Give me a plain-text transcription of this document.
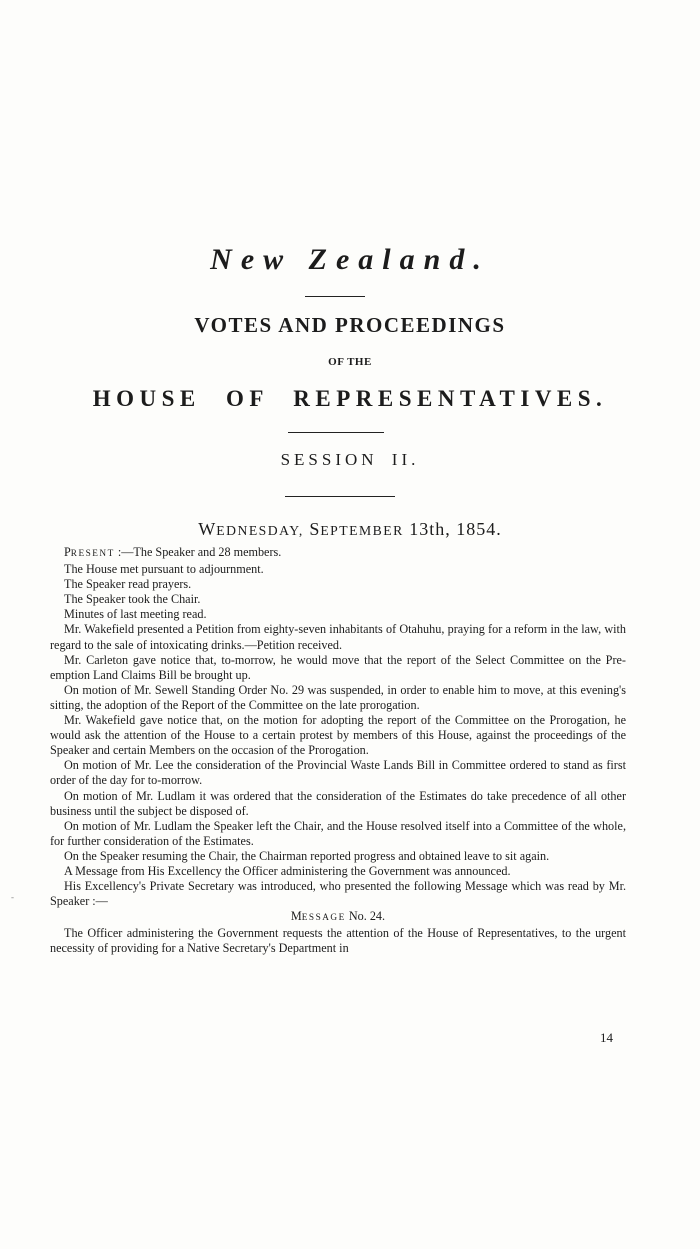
New Zealand.
VOTES AND PROCEEDINGS
OF THE
HOUSE OF REPRESENTATIVES.
SESSION II.
WEDNESDAY, SEPTEMBER 13th, 1854.

PRESENT :—The Speaker and 28 members.

The House met pursuant to adjournment.

The Speaker read prayers.

The Speaker took the Chair.

Minutes of last meeting read.

Mr. Wakefield presented a Petition from eighty-seven inhabitants of Otahuhu, praying for a reform in the law, with regard to the sale of intoxicating drinks.—Petition received.

Mr. Carleton gave notice that, to-morrow, he would move that the report of the Select Committee on the Pre-emption Land Claims Bill be brought up.

On motion of Mr. Sewell Standing Order No. 29 was suspended, in order to enable him to move, at this evening's sitting, the adoption of the Report of the Committee on the late prorogation.

Mr. Wakefield gave notice that, on the motion for adopting the report of the Committee on the Prorogation, he would ask the attention of the House to a certain protest by members of this House, against the proceedings of the Speaker and certain Members on the occasion of the Prorogation.

On motion of Mr. Lee the consideration of the Provincial Waste Lands Bill in Committee ordered to stand as first order of the day for to-morrow.

On motion of Mr. Ludlam it was ordered that the consideration of the Estimates do take precedence of all other business until the subject be disposed of.

On motion of Mr. Ludlam the Speaker left the Chair, and the House resolved itself into a Committee of the whole, for further consideration of the Estimates.

On the Speaker resuming the Chair, the Chairman reported progress and obtained leave to sit again.

A Message from His Excellency the Officer administering the Government was announced.

His Excellency's Private Secretary was introduced, who presented the following Message which was read by Mr. Speaker :—

MESSAGE No. 24.

The Officer administering the Government requests the attention of the House of Representatives, to the urgent necessity of providing for a Native Secretary's Department in

14
-
